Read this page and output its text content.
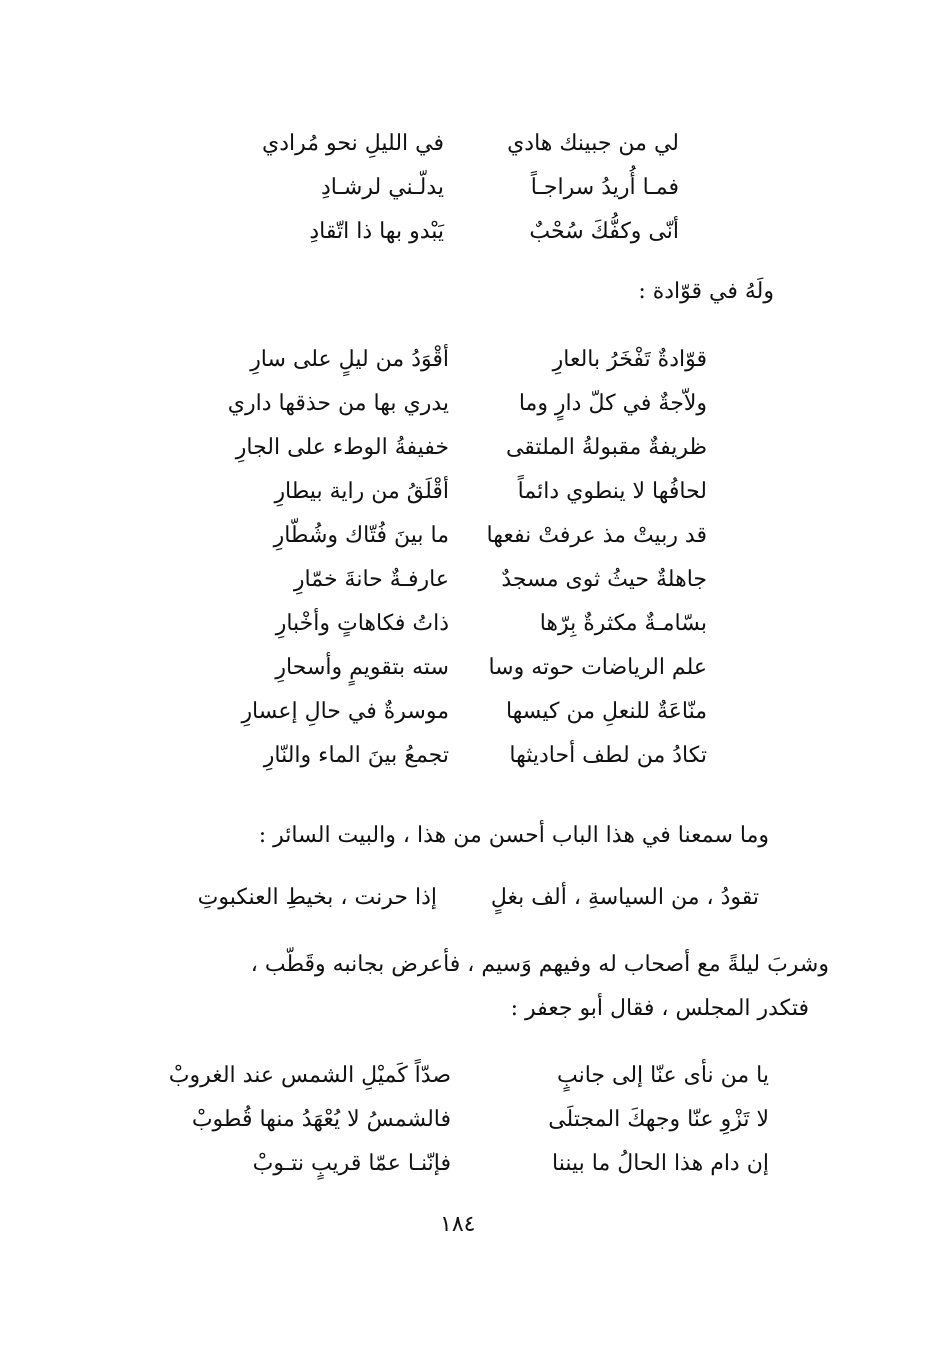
لي من جبينك هادي
في الليلِ نحو مُرادي
فمـا أُريدُ سراجـاً
يدلّـني لرشـادِ
أنّى وكفُّكَ سُحْبٌ
يَبْدو بها ذا اتّقادِ
ولَهُ في قوّادة :
قوّادةٌ تَفْخَرُ بالعارِ
أقْوَدُ من ليلٍ على سارِ
ولاّجةٌ في كلّ دارٍ وما
يدري بها من حذقها داري
ظريفةٌ مقبولةُ الملتقى
خفيفةُ الوطء على الجارِ
لحافُها لا ينطوي دائماً
أقْلَقُ من راية بيطارِ
قد ربيتْ مذ عرفتْ نفعها
ما بينَ فُتّاك وشُطّارِ
جاهلةٌ حيثُ ثوى مسجدٌ
عارفـةٌ حانةَ خمّارِ
بسّامـةٌ مكثرةٌ بِرّها
ذاتُ فكاهاتٍ وأخْبارِ
علم الرياضات حوته وسا
سته بتقويمٍ وأسحارِ
منّاعَةٌ للنعلِ من كيسها
موسرةٌ في حالِ إعسارِ
تكادُ من لطف أحاديثها
تجمعُ بينَ الماء والنّارِ
وما سمعنا في هذا الباب أحسن من هذا ، والبيت السائر :
تقودُ ، من السياسةِ ، ألف بغلٍ
إذا حرنت ، بخيطِ العنكبوتِ
وشربَ ليلةً مع أصحاب له وفيهم وَسيم ، فأعرض بجانبه وقَطّب ،
فتكدر المجلس ، فقال أبو جعفر :
يا من نأى عنّا إلى جانبٍ
صدّاً كَميْلِ الشمس عند الغروبْ
لا تَزْوِ عنّا وجهكَ المجتلَى
فالشمسُ لا يُعْهَدُ منها قُطوبْ
إن دام هذا الحالُ ما بيننا
فإنّنـا عمّا قريبٍ نتـوبْ
١٨٤
